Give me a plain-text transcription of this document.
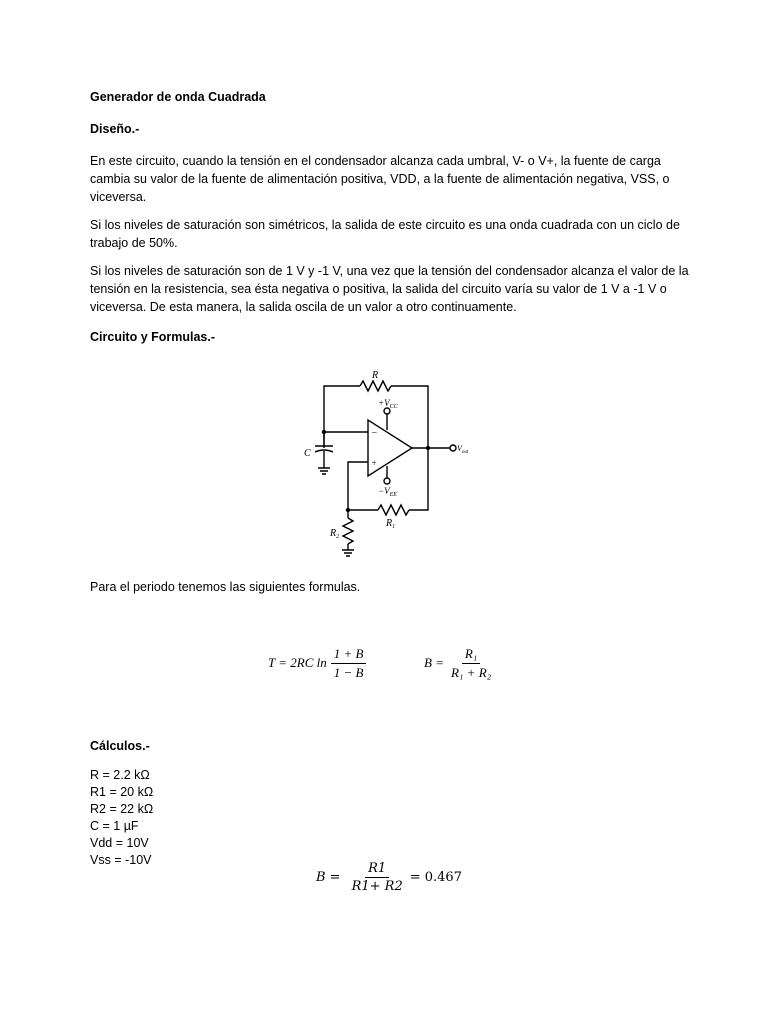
Generador de onda Cuadrada
Diseño.-

En este circuito, cuando la tensión en el condensador alcanza cada umbral, V- o V+, la fuente de carga cambia su valor de la fuente de alimentación positiva, VDD, a la fuente de alimentación negativa, VSS, o viceversa.

Si los niveles de saturación son simétricos, la salida de este circuito es una onda cuadrada con un ciclo de trabajo de 50%.

Si los niveles de saturación son de 1 V y -1 V, una vez que la tensión del condensador alcanza el valor de la tensión en la resistencia, sea ésta negativa o positiva, la salida del circuito varía su valor de 1 V a -1 V o viceversa. De esta manera, la salida oscila de un valor a otro continuamente.

Circuito y Formulas.-
R
$+V_{CC}$
C
−
+
$V_{out}$
$-V_{EE}$
$R_1$
$R_2$
Para el periodo tenemos las siguientes formulas.
T = 2RC $\ln \frac{1 + B}{1 - B}$	$B = \frac{\text{R₁}}{\text{R₁ + R₂}}$
Cálculos.-
R = 2.2 kΩ
R1 = 20 kΩ
R2 = 22 kΩ
C = 1 µF
Vdd = 10V
Vss = -10V
$B = \frac{R1}{R1+ R2} = 0.467$
